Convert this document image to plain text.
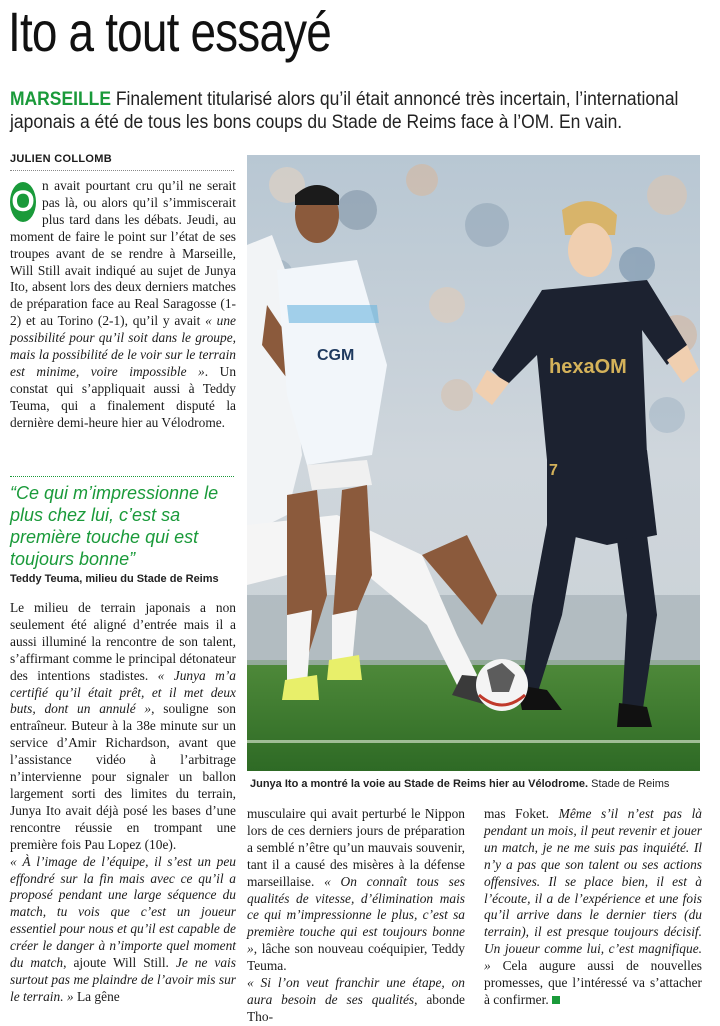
Ito a tout essayé
MARSEILLE Finalement titularisé alors qu’il était annoncé très incertain, l’international japonais a été de tous les bons coups du Stade de Reims face à l’OM. En vain.
JULIEN COLLOMB
O n avait pourtant cru qu’il ne serait pas là, ou alors qu’il s’immiscerait plus tard dans les débats. Jeudi, au moment de faire le point sur l’état de ses troupes avant de se rendre à Marseille, Will Still avait indiqué au sujet de Junya Ito, absent lors des deux derniers matches de préparation face au Real Saragosse (1-2) et au Torino (2-1), qu’il y avait « une possibilité pour qu’il soit dans le groupe, mais la possibilité de le voir sur le terrain est minime, voire impossible ». Un constat qui s’appliquait aussi à Teddy Teuma, qui a finalement disputé la dernière demi-heure hier au Vélodrome.
“Ce qui m’impressionne le plus chez lui, c’est sa première touche qui est toujours bonne”
Teddy Teuma, milieu du Stade de Reims
Le milieu de terrain japonais a non seulement été aligné d’entrée mais il a aussi illuminé la rencontre de son talent, s’affirmant comme le principal détonateur des intentions stadistes. « Junya m’a certifié qu’il était prêt, et il met deux buts, dont un annulé », souligne son entraîneur. Buteur à la 38e minute sur un service d’Amir Richardson, avant que l’assistance vidéo à l’arbitrage n’intervienne pour signaler un ballon largement sorti des limites du terrain, Junya Ito avait déjà posé les bases d’une rencontre réussie en trompant une première fois Pau Lopez (10e).
« À l’image de l’équipe, il s’est un peu effondré sur la fin mais avec ce qu’il a proposé pendant une large séquence du match, tu vois que c’est un joueur essentiel pour nous et qu’il est capable de créer le danger à n’importe quel moment du match, ajoute Will Still. Je ne vais surtout pas me plaindre de l’avoir mis sur le terrain. » La gêne
CGM
hexaOM
7
Junya Ito a montré la voie au Stade de Reims hier au Vélodrome. Stade de Reims
musculaire qui avait perturbé le Nippon lors de ces derniers jours de préparation a semblé n’être qu’un mauvais souvenir, tant il a causé des misères à la défense marseillaise. « On connaît tous ses qualités de vitesse, d’élimination mais ce qui m’impressionne le plus, c’est sa première touche qui est toujours bonne », lâche son nouveau coéquipier, Teddy Teuma.
« Si l’on veut franchir une étape, on aura besoin de ses qualités, abonde Tho-
mas Foket. Même s’il n’est pas là pendant un mois, il peut revenir et jouer un match, je ne me suis pas inquiété. Il n’y a pas que son talent ou ses actions offensives. Il se place bien, il est à l’écoute, il a de l’expérience et une fois qu’il arrive dans le dernier tiers (du terrain), il est presque toujours décisif. Un joueur comme lui, c’est magnifique. » Cela augure aussi de nouvelles promesses, que l’intéressé va s’attacher à confirmer.
